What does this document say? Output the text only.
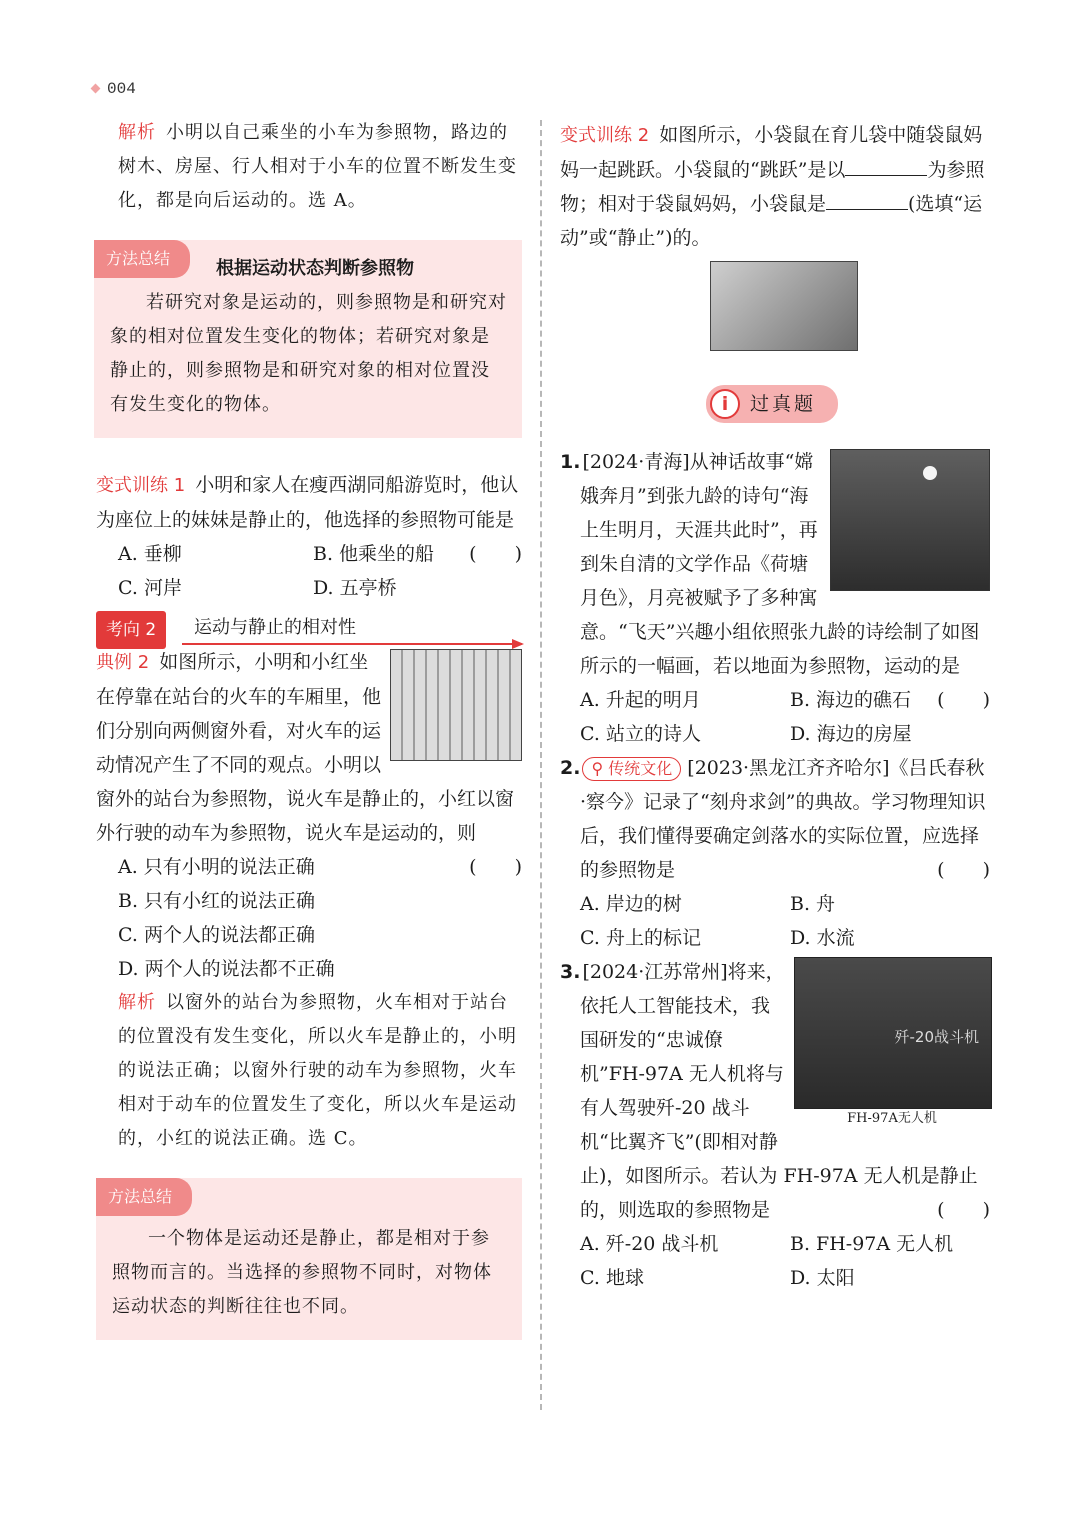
004

解析 小明以自己乘坐的小车为参照物，路边的树木、房屋、行人相对于小车的位置不断发生变化，都是向后运动的。选 A。

方法总结	根据运动状态判断参照物
若研究对象是运动的，则参照物是和研究对象的相对位置发生变化的物体；若研究对象是静止的，则参照物是和研究对象的相对位置没有发生变化的物体。

变式训练 1 小明和家人在瘦西湖同船游览时，他认为座位上的妹妹是静止的，他选择的参照物可能是
(　　)

A. 垂柳	B. 他乘坐的船
C. 河岸	D. 五亭桥
考向 2	运动与静止的相对性

典例 2 如图所示，小明和小红坐在停靠在站台的火车的车厢里，他们分别向两侧窗外看，对火车的运动情况产生了不同的观点。小明以窗外的站台为参照物，说火车是静止的，小红以窗外行驶的动车为参照物，说火车是运动的，则
(　　)

A. 只有小明的说法正确
B. 只有小红的说法正确
C. 两个人的说法都正确
D. 两个人的说法都不正确

解析 以窗外的站台为参照物，火车相对于站台的位置没有发生变化，所以火车是静止的，小明的说法正确；以窗外行驶的动车为参照物，火车相对于动车的位置发生了变化，所以火车是运动的，小红的说法正确。选 C。

方法总结
一个物体是运动还是静止，都是相对于参照物而言的。当选择的参照物不同时，对物体运动状态的判断往往也不同。

变式训练 2 如图所示，小袋鼠在育儿袋中随袋鼠妈妈一起跳跃。小袋鼠的“跳跃”是以	为参照物；相对于袋鼠妈妈，小袋鼠是	(选填“运动”或“静止”)的。

i	过真题

1. [2024·青海]从神话故事“嫦娥奔月”到张九龄的诗句“海上生明月，天涯共此时”，再到朱自清的文学作品《荷塘月色》，月亮被赋予了多种寓意。“飞天”兴趣小组依照张九龄的诗绘制了如图所示的一幅画，若以地面为参照物，运动的是
(　　)

A. 升起的明月	B. 海边的礁石
C. 站立的诗人	D. 海边的房屋

2. ⚲ 传统文化 [2023·黑龙江齐齐哈尔]《吕氏春秋·察今》记录了“刻舟求剑”的典故。学习物理知识后，我们懂得要确定剑落水的实际位置，应选择的参照物是	(　　)

A. 岸边的树	B. 舟
C. 舟上的标记	D. 水流
歼-20战斗机
FH-97A无人机

3. [2024·江苏常州]将来，依托人工智能技术，我国研发的“忠诚僚机”FH-97A 无人机将与有人驾驶歼-20 战斗机“比翼齐飞”(即相对静止)，如图所示。若认为 FH-97A 无人机是静止的，则选取的参照物是	(　　)

A. 歼-20 战斗机	B. FH-97A 无人机
C. 地球	D. 太阳
